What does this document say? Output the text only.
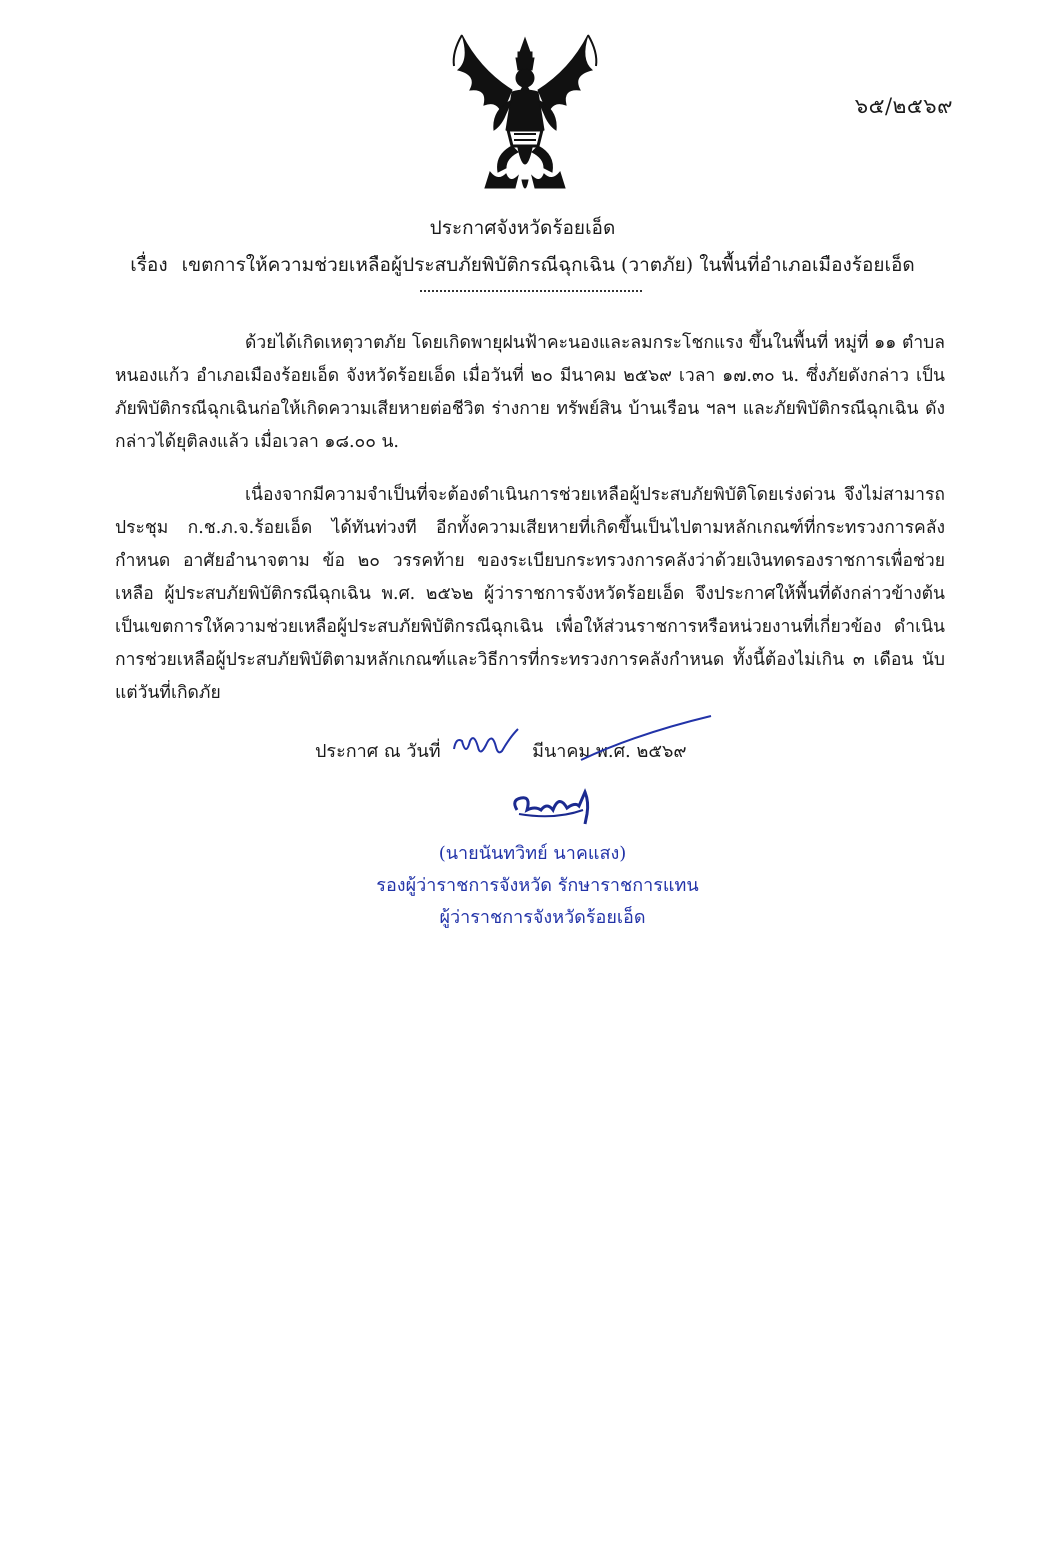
๖๕/๒๕๖๙
ประกาศจังหวัดร้อยเอ็ด
เรื่อง เขตการให้ความช่วยเหลือผู้ประสบภัยพิบัติกรณีฉุกเฉิน (วาตภัย) ในพื้นที่อำเภอเมืองร้อยเอ็ด

ด้วยได้เกิดเหตุวาตภัย โดยเกิดพายุฝนฟ้าคะนองและลมกระโชกแรง ขึ้นในพื้นที่ หมู่ที่ ๑๑ ตำบลหนองแก้ว อำเภอเมืองร้อยเอ็ด จังหวัดร้อยเอ็ด เมื่อวันที่ ๒๐ มีนาคม ๒๕๖๙ เวลา ๑๗.๓๐ น. ซึ่งภัยดังกล่าว เป็นภัยพิบัติกรณีฉุกเฉินก่อให้เกิดความเสียหายต่อชีวิต ร่างกาย ทรัพย์สิน บ้านเรือน ฯลฯ และภัยพิบัติกรณีฉุกเฉิน ดังกล่าวได้ยุติลงแล้ว เมื่อเวลา ๑๘.๐๐ น.

เนื่องจากมีความจำเป็นที่จะต้องดำเนินการช่วยเหลือผู้ประสบภัยพิบัติโดยเร่งด่วน จึงไม่สามารถ ประชุม ก.ช.ภ.จ.ร้อยเอ็ด ได้ทันท่วงที อีกทั้งความเสียหายที่เกิดขึ้นเป็นไปตามหลักเกณฑ์ที่กระทรวงการคลังกำหนด อาศัยอำนาจตาม ข้อ ๒๐ วรรคท้าย ของระเบียบกระทรวงการคลังว่าด้วยเงินทดรองราชการเพื่อช่วยเหลือ ผู้ประสบภัยพิบัติกรณีฉุกเฉิน พ.ศ. ๒๕๖๒ ผู้ว่าราชการจังหวัดร้อยเอ็ด จึงประกาศให้พื้นที่ดังกล่าวข้างต้น เป็นเขตการให้ความช่วยเหลือผู้ประสบภัยพิบัติกรณีฉุกเฉิน เพื่อให้ส่วนราชการหรือหน่วยงานที่เกี่ยวข้อง ดำเนินการช่วยเหลือผู้ประสบภัยพิบัติตามหลักเกณฑ์และวิธีการที่กระทรวงการคลังกำหนด ทั้งนี้ต้องไม่เกิน ๓ เดือน นับแต่วันที่เกิดภัย

ประกาศ ณ วันที่	มีนาคม พ.ศ. ๒๕๖๙
(นายนันทวิทย์ นาคแสง)
รองผู้ว่าราชการจังหวัด รักษาราชการแทน
ผู้ว่าราชการจังหวัดร้อยเอ็ด
